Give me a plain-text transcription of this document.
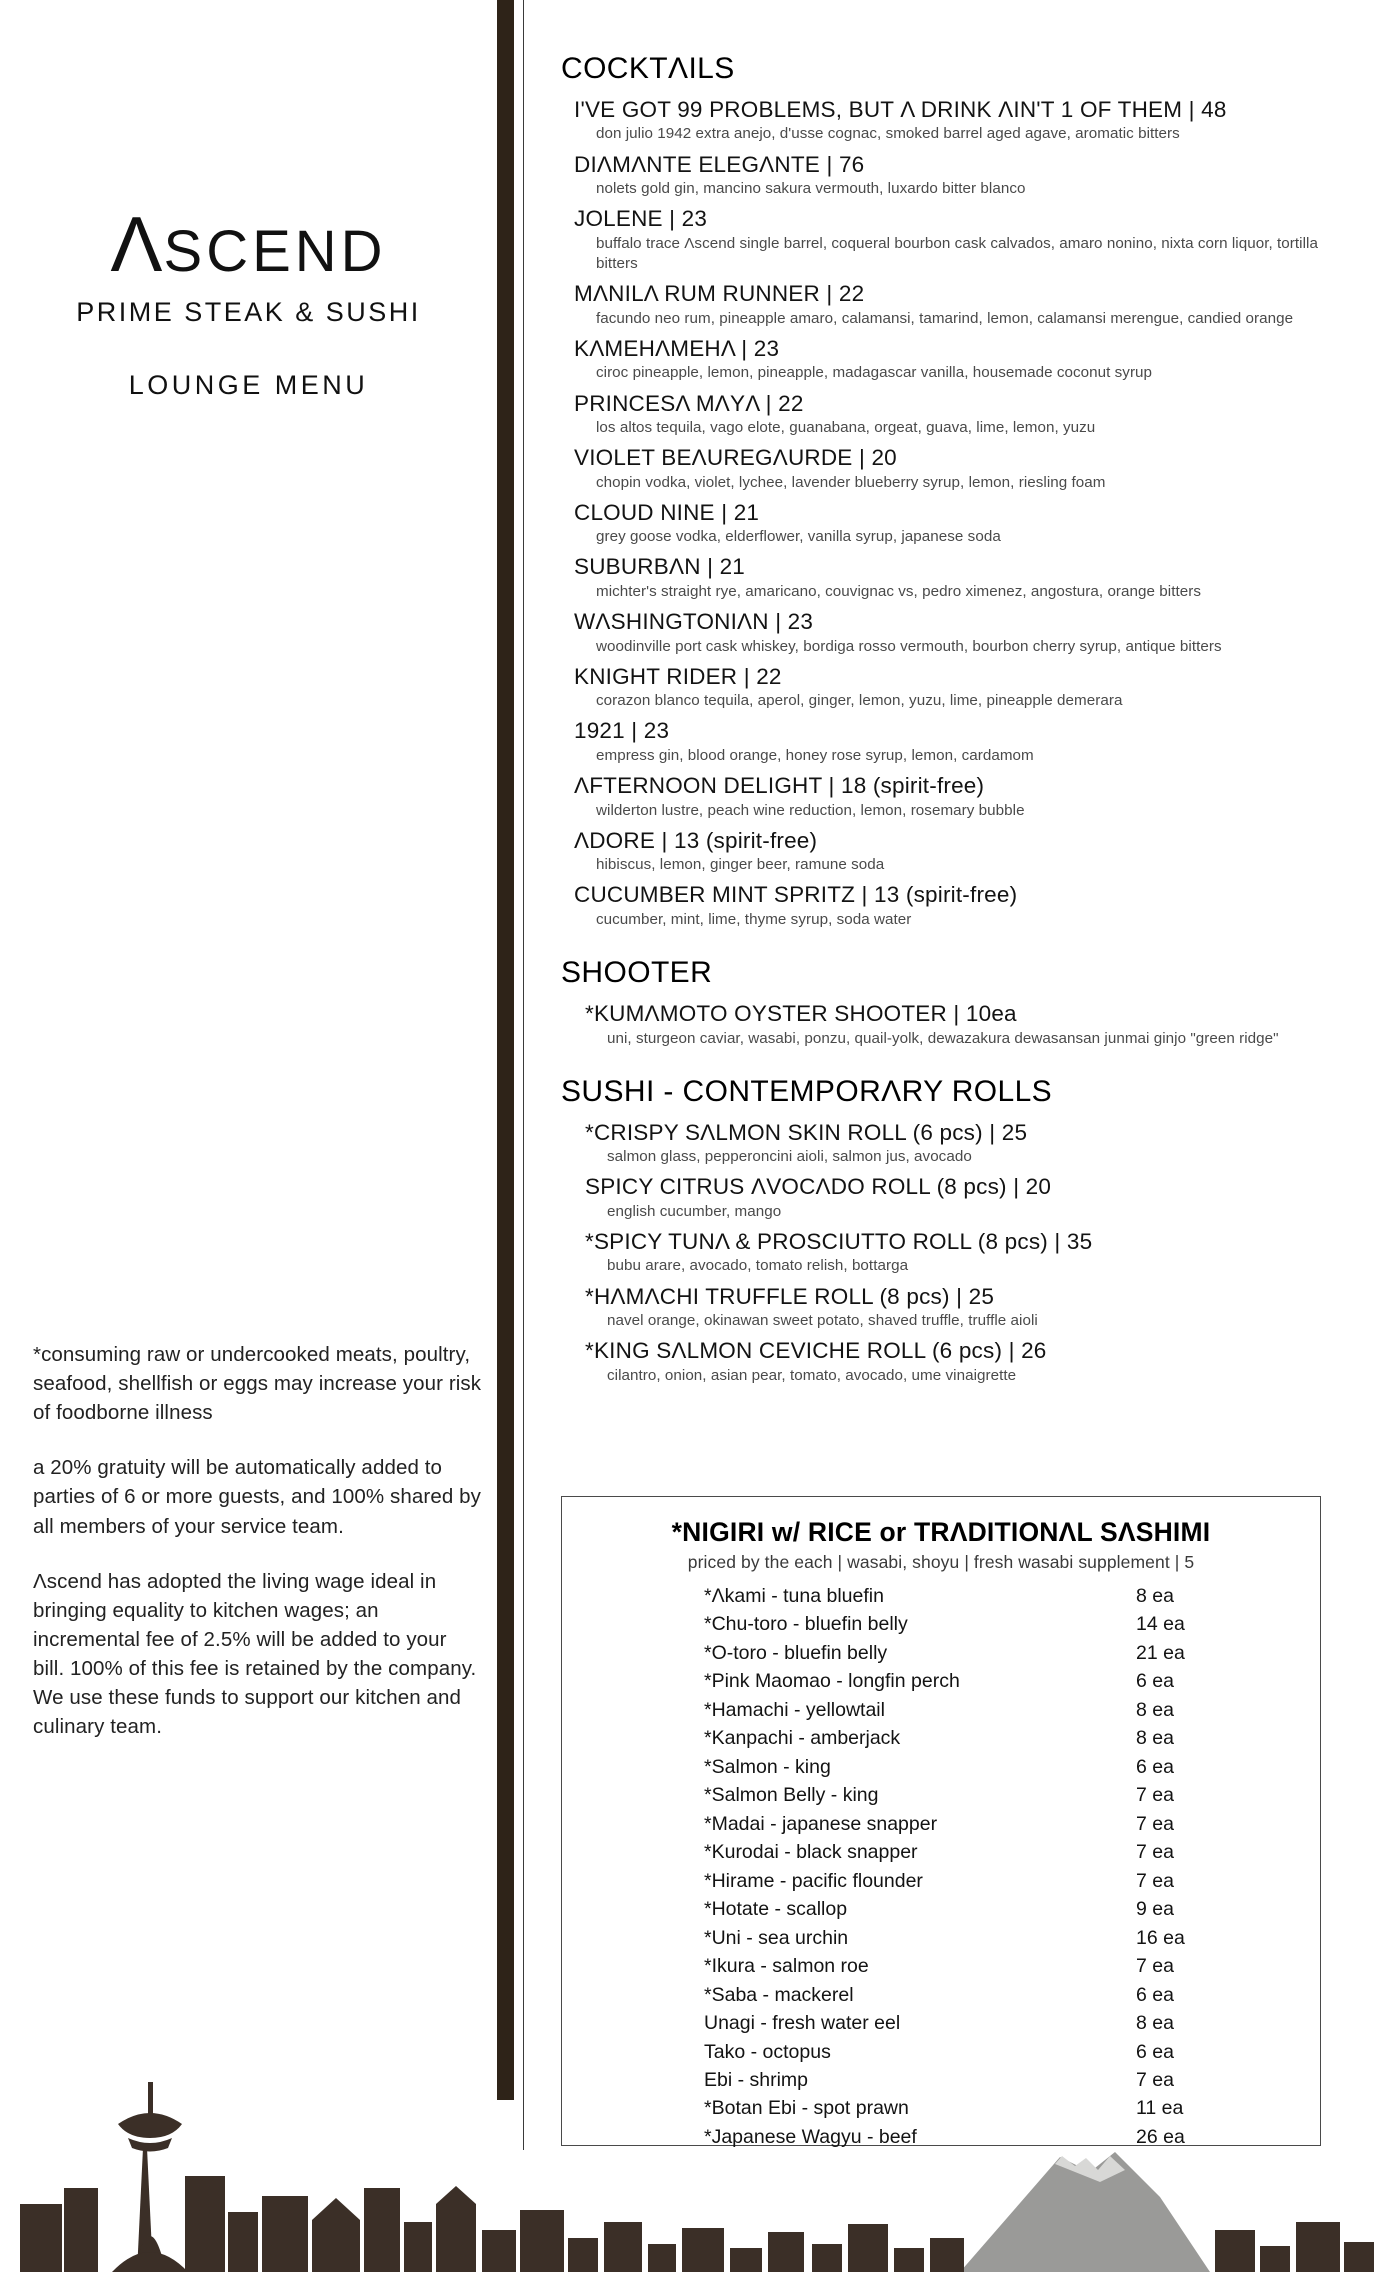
ΛSCEND
PRIME STEAK & SUSHI
LOUNGE MENU

*consuming raw or undercooked meats, poultry, seafood, shellfish or eggs may increase your risk of foodborne illness

a 20% gratuity will be automatically added to parties of 6 or more guests, and 100% shared by all members of your service team.

Λscend has adopted the living wage ideal in bringing equality to kitchen wages; an incremental fee of 2.5% will be added to your bill. 100% of this fee is retained by the company. We use these funds to support our kitchen and culinary team.

COCKTΛILS
I'VE GOT 99 PROBLEMS, BUT Λ DRINK ΛIN'T 1 OF THEM | 48
don julio 1942 extra anejo, d'usse cognac, smoked barrel aged agave, aromatic bitters
DIΛMΛNTE ELEGΛNTE | 76
nolets gold gin, mancino sakura vermouth, luxardo bitter blanco
JOLENE | 23
buffalo trace Λscend single barrel, coqueral bourbon cask calvados, amaro nonino, nixta corn liquor, tortilla bitters
MΛNILΛ RUM RUNNER | 22
facundo neo rum, pineapple amaro, calamansi, tamarind, lemon, calamansi merengue, candied orange
KΛMEHΛMEHΛ | 23
ciroc pineapple, lemon, pineapple, madagascar vanilla, housemade coconut syrup
PRINCESΛ MΛYΛ | 22
los altos tequila, vago elote, guanabana, orgeat, guava, lime, lemon, yuzu
VIOLET BEΛUREGΛURDE | 20
chopin vodka, violet, lychee, lavender blueberry syrup, lemon, riesling foam
CLOUD NINE | 21
grey goose vodka, elderflower, vanilla syrup, japanese soda
SUBURBΛN | 21
michter's straight rye, amaricano, couvignac vs, pedro ximenez, angostura, orange bitters
WΛSHINGTONIΛN | 23
woodinville port cask whiskey, bordiga rosso vermouth, bourbon cherry syrup, antique bitters
KNIGHT RIDER | 22
corazon blanco tequila, aperol, ginger, lemon, yuzu, lime, pineapple demerara
1921 | 23
empress gin, blood orange, honey rose syrup, lemon, cardamom
ΛFTERNOON DELIGHT | 18 (spirit-free)
wilderton lustre, peach wine reduction, lemon, rosemary bubble
ΛDORE | 13 (spirit-free)
hibiscus, lemon, ginger beer, ramune soda
CUCUMBER MINT SPRITZ | 13 (spirit-free)
cucumber, mint, lime, thyme syrup, soda water
SHOOTER
*KUMΛMOTO OYSTER SHOOTER | 10ea
uni, sturgeon caviar, wasabi, ponzu, quail-yolk, dewazakura dewasansan junmai ginjo "green ridge"
SUSHI - CONTEMPORΛRY ROLLS
*CRISPY SΛLMON SKIN ROLL (6 pcs) | 25
salmon glass, pepperoncini aioli, salmon jus, avocado
SPICY CITRUS ΛVOCΛDO ROLL (8 pcs) | 20
english cucumber, mango
*SPICY TUNΛ & PROSCIUTTO ROLL (8 pcs) | 35
bubu arare, avocado, tomato relish, bottarga
*HΛMΛCHI TRUFFLE ROLL (8 pcs) | 25
navel orange, okinawan sweet potato, shaved truffle, truffle aioli
*KING SΛLMON CEVICHE ROLL (6 pcs) | 26
cilantro, onion, asian pear, tomato, avocado, ume vinaigrette
*NIGIRI w/ RICE or TRΛDITIONΛL SΛSHIMI
priced by the each | wasabi, shoyu | fresh wasabi supplement | 5
*Λkami - tuna bluefin	8 ea
*Chu-toro - bluefin belly	14 ea
*O-toro - bluefin belly	21 ea
*Pink Maomao - longfin perch	6 ea
*Hamachi - yellowtail	8 ea
*Kanpachi - amberjack	8 ea
*Salmon - king	6 ea
*Salmon Belly - king	7 ea
*Madai - japanese snapper	7 ea
*Kurodai - black snapper	7 ea
*Hirame - pacific flounder	7 ea
*Hotate - scallop	9 ea
*Uni - sea urchin	16 ea
*Ikura - salmon roe	7 ea
*Saba - mackerel	6 ea
Unagi - fresh water eel	8 ea
Tako - octopus	6 ea
Ebi - shrimp	7 ea
*Botan Ebi - spot prawn	11 ea
*Japanese Wagyu - beef	26 ea
